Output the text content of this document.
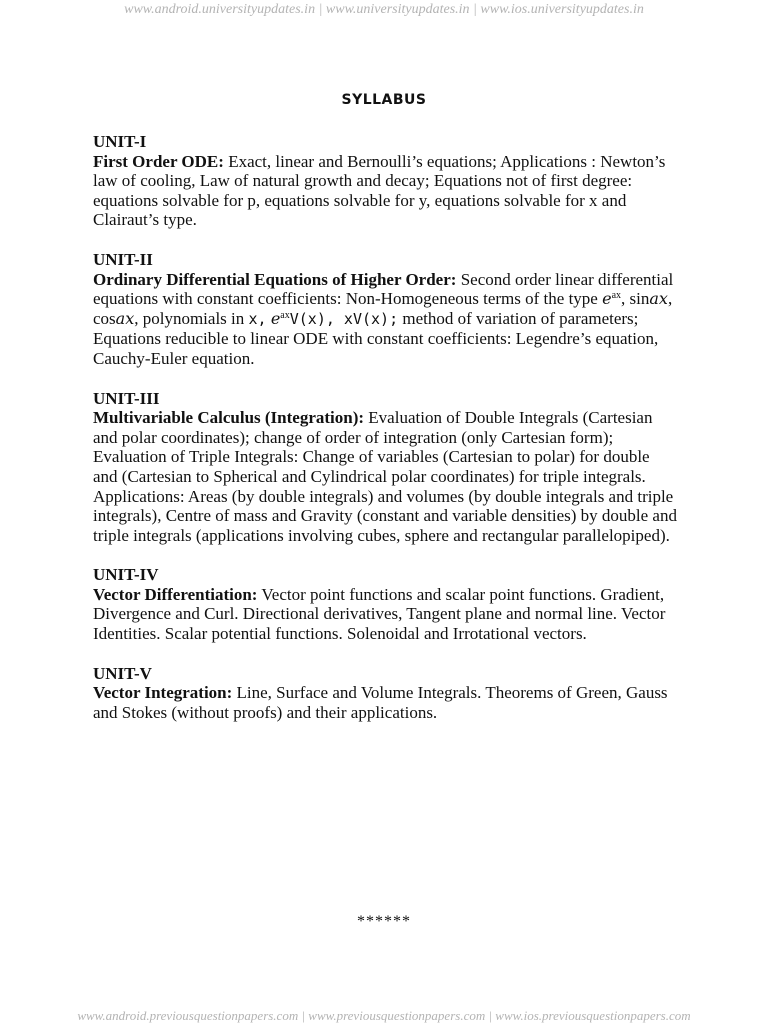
www.android.universityupdates.in | www.universityupdates.in | www.ios.universityupdates.in
SYLLABUS
UNIT-I
First Order ODE: Exact, linear and Bernoulli’s equations; Applications : Newton’s law of cooling, Law of natural growth and decay; Equations not of first degree: equations solvable for p, equations solvable for y, equations solvable for x and Clairaut’s type.
UNIT-II
Ordinary Differential Equations of Higher Order: Second order linear differential equations with constant coefficients: Non-Homogeneous terms of the type $e^{ax}$, sinax, cosax, polynomials in x, $e^{ax}V(x)$, xV(x); method of variation of parameters; Equations reducible to linear ODE with constant coefficients: Legendre’s equation, Cauchy-Euler equation.
UNIT-III
Multivariable Calculus (Integration): Evaluation of Double Integrals (Cartesian and polar coordinates); change of order of integration (only Cartesian form); Evaluation of Triple Integrals: Change of variables (Cartesian to polar) for double and (Cartesian to Spherical and Cylindrical polar coordinates) for triple integrals. Applications: Areas (by double integrals) and volumes (by double integrals and triple integrals), Centre of mass and Gravity (constant and variable densities) by double and triple integrals (applications involving cubes, sphere and rectangular parallelopiped).
UNIT-IV
Vector Differentiation: Vector point functions and scalar point functions. Gradient, Divergence and Curl. Directional derivatives, Tangent plane and normal line. Vector Identities. Scalar potential functions. Solenoidal and Irrotational vectors.
UNIT-V
Vector Integration: Line, Surface and Volume Integrals. Theorems of Green, Gauss and Stokes (without proofs) and their applications.
******
www.android.previousquestionpapers.com | www.previousquestionpapers.com | www.ios.previousquestionpapers.com
